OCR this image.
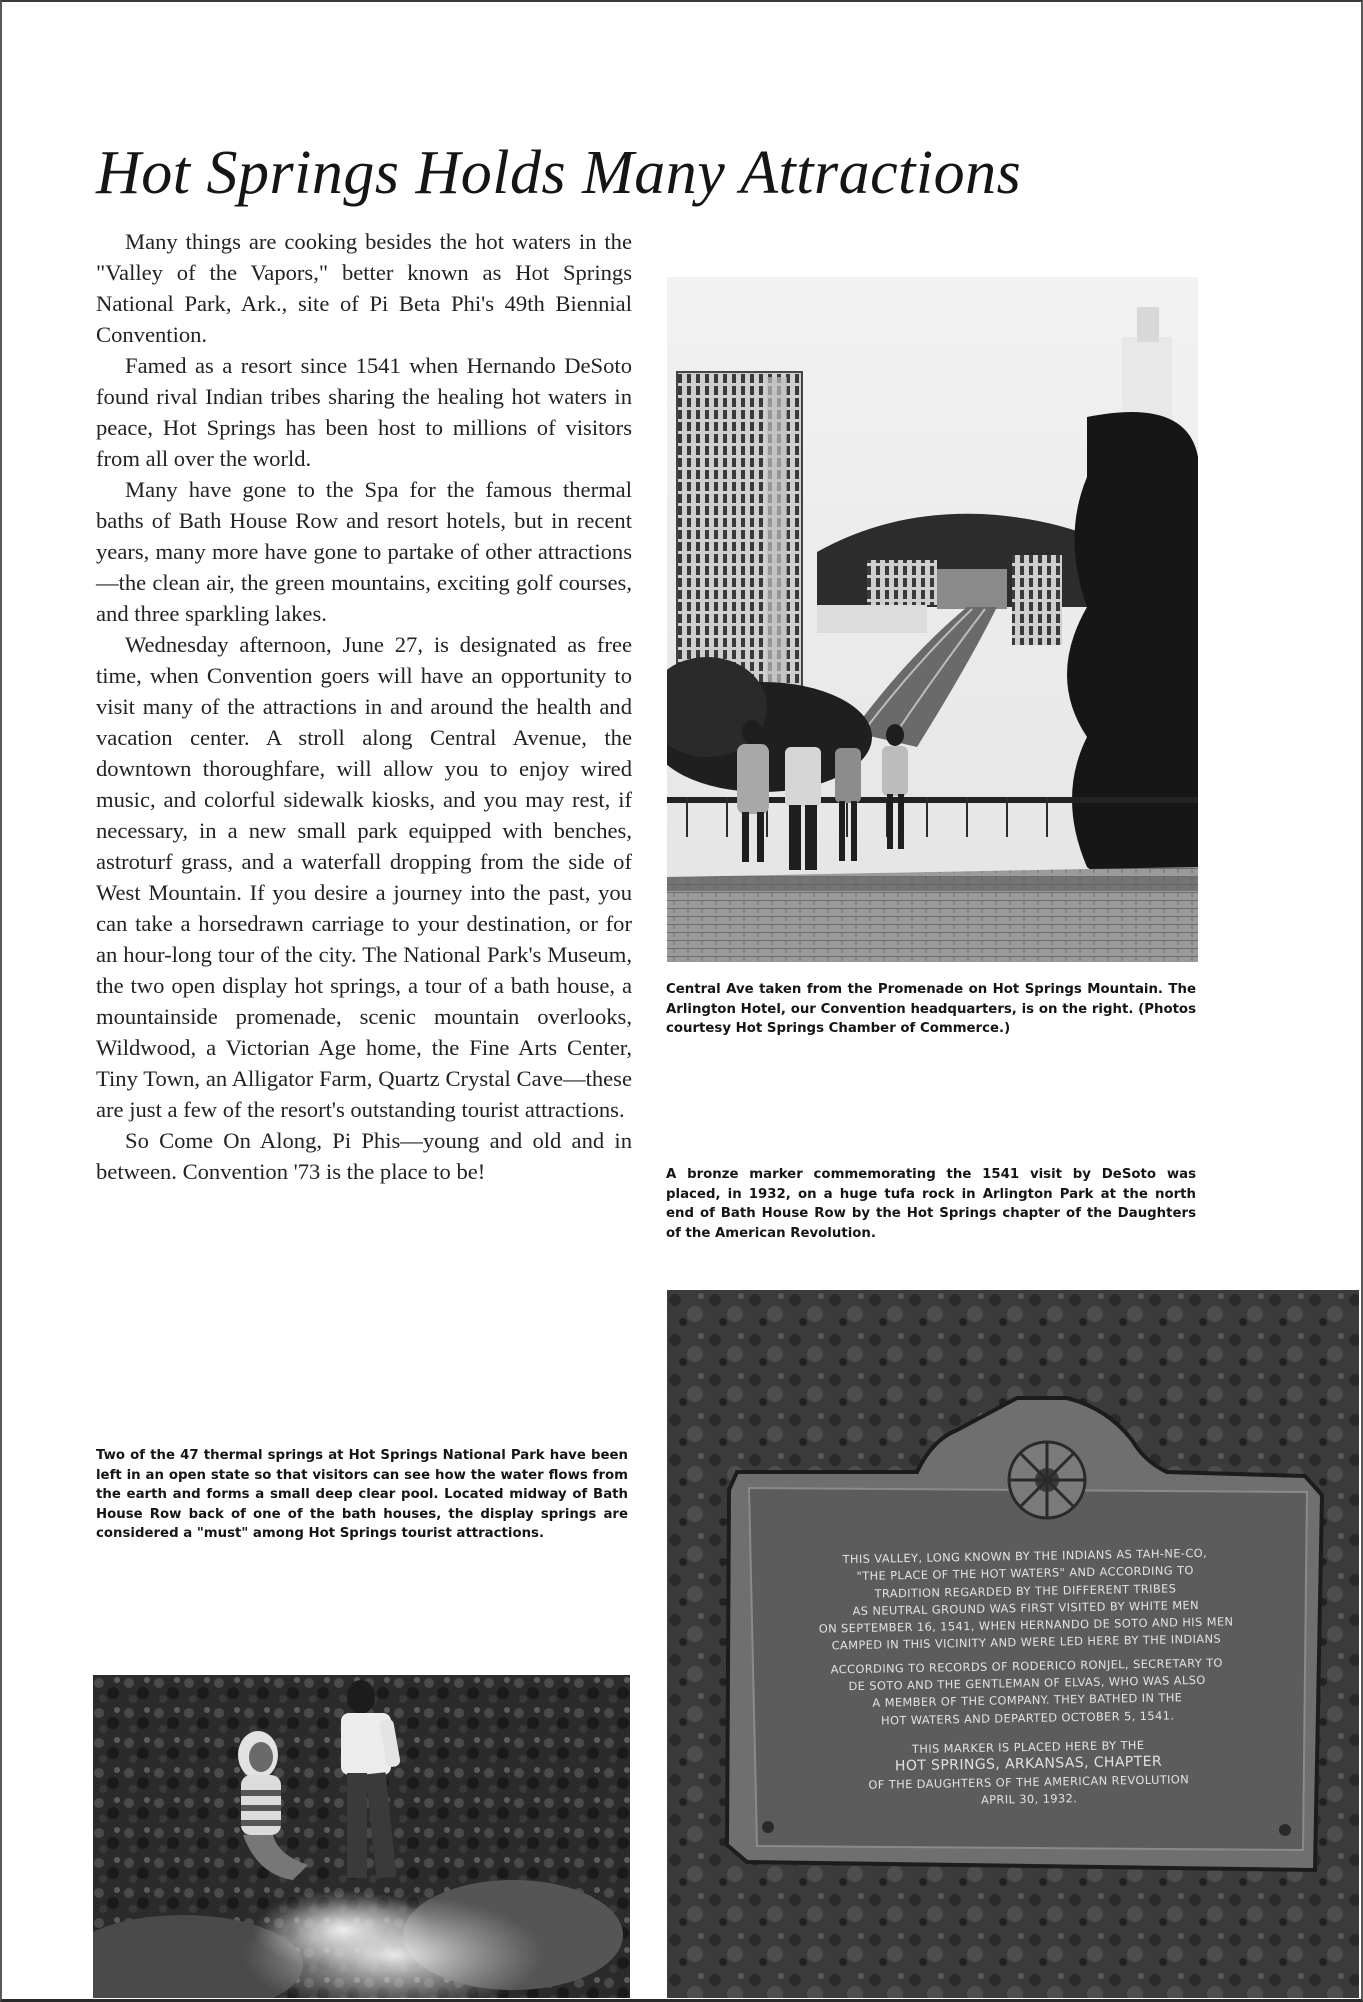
Hot Springs Holds Many Attractions

Many things are cooking besides the hot waters in the "Valley of the Vapors," better known as Hot Springs National Park, Ark., site of Pi Beta Phi's 49th Biennial Convention.

Famed as a resort since 1541 when Hernando DeSoto found rival Indian tribes sharing the healing hot waters in peace, Hot Springs has been host to millions of visitors from all over the world.

Many have gone to the Spa for the famous thermal baths of Bath House Row and resort hotels, but in recent years, many more have gone to partake of other attractions—the clean air, the green mountains, exciting golf courses, and three sparkling lakes.

Wednesday afternoon, June 27, is designated as free time, when Convention goers will have an opportunity to visit many of the attractions in and around the health and vacation center. A stroll along Central Avenue, the downtown thoroughfare, will allow you to enjoy wired music, and colorful sidewalk kiosks, and you may rest, if necessary, in a new small park equipped with benches, astroturf grass, and a waterfall dropping from the side of West Mountain. If you desire a journey into the past, you can take a horsedrawn carriage to your destination, or for an hour-long tour of the city. The National Park's Museum, the two open display hot springs, a tour of a bath house, a mountainside promenade, scenic mountain overlooks, Wildwood, a Victorian Age home, the Fine Arts Center, Tiny Town, an Alligator Farm, Quartz Crystal Cave—these are just a few of the resort's outstanding tourist attractions.

So Come On Along, Pi Phis—young and old and in between. Convention '73 is the place to be!

Central Ave taken from the Promenade on Hot Springs Mountain. The Arlington Hotel, our Convention headquarters, is on the right. (Photos courtesy Hot Springs Chamber of Commerce.)

A bronze marker commemorating the 1541 visit by DeSoto was placed, in 1932, on a huge tufa rock in Arlington Park at the north end of Bath House Row by the Hot Springs chapter of the Daughters of the American Revolution.

THIS VALLEY, LONG KNOWN BY THE INDIANS AS TAH-NE-CO,
"THE PLACE OF THE HOT WATERS" AND ACCORDING TO
TRADITION REGARDED BY THE DIFFERENT TRIBES
AS NEUTRAL GROUND WAS FIRST VISITED BY WHITE MEN
ON SEPTEMBER 16, 1541, WHEN HERNANDO DE SOTO AND HIS MEN
CAMPED IN THIS VICINITY AND WERE LED HERE BY THE INDIANS
ACCORDING TO RECORDS OF RODERICO RONJEL, SECRETARY TO
DE SOTO AND THE GENTLEMAN OF ELVAS, WHO WAS ALSO
A MEMBER OF THE COMPANY. THEY BATHED IN THE
HOT WATERS AND DEPARTED OCTOBER 5, 1541.
THIS MARKER IS PLACED HERE BY THE
HOT SPRINGS, ARKANSAS, CHAPTER
OF THE DAUGHTERS OF THE AMERICAN REVOLUTION
APRIL 30, 1932.

Two of the 47 thermal springs at Hot Springs National Park have been left in an open state so that visitors can see how the water flows from the earth and forms a small deep clear pool. Located midway of Bath House Row back of one of the bath houses, the display springs are considered a "must" among Hot Springs tourist attractions.
